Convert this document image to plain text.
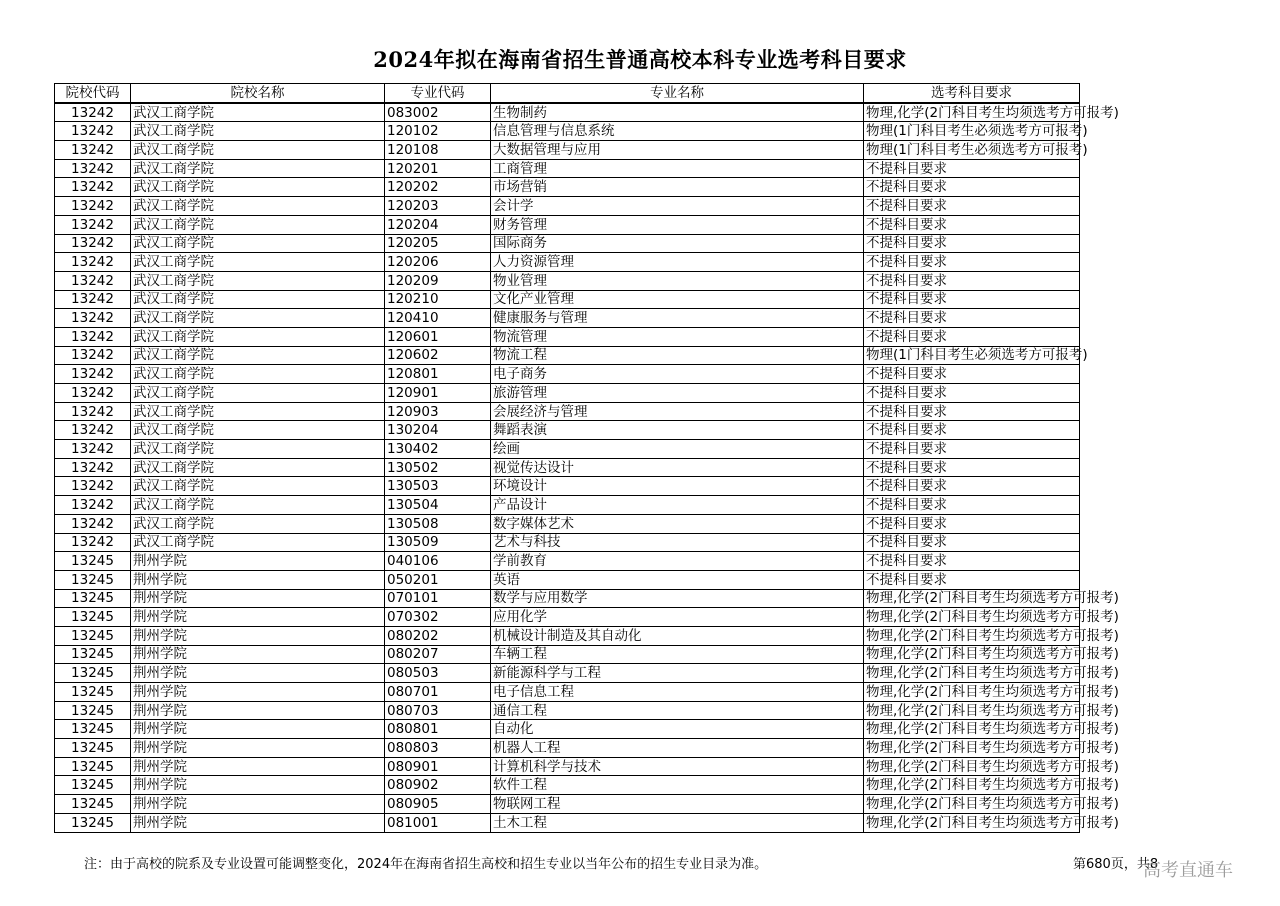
2024年拟在海南省招生普通高校本科专业选考科目要求
院校代码	院校名称	专业代码	专业名称	选考科目要求
13242	武汉工商学院	083002	生物制药	物理,化学(2门科目考生均须选考方可报考)
13242	武汉工商学院	120102	信息管理与信息系统	物理(1门科目考生必须选考方可报考)
13242	武汉工商学院	120108	大数据管理与应用	物理(1门科目考生必须选考方可报考)
13242	武汉工商学院	120201	工商管理	不提科目要求
13242	武汉工商学院	120202	市场营销	不提科目要求
13242	武汉工商学院	120203	会计学	不提科目要求
13242	武汉工商学院	120204	财务管理	不提科目要求
13242	武汉工商学院	120205	国际商务	不提科目要求
13242	武汉工商学院	120206	人力资源管理	不提科目要求
13242	武汉工商学院	120209	物业管理	不提科目要求
13242	武汉工商学院	120210	文化产业管理	不提科目要求
13242	武汉工商学院	120410	健康服务与管理	不提科目要求
13242	武汉工商学院	120601	物流管理	不提科目要求
13242	武汉工商学院	120602	物流工程	物理(1门科目考生必须选考方可报考)
13242	武汉工商学院	120801	电子商务	不提科目要求
13242	武汉工商学院	120901	旅游管理	不提科目要求
13242	武汉工商学院	120903	会展经济与管理	不提科目要求
13242	武汉工商学院	130204	舞蹈表演	不提科目要求
13242	武汉工商学院	130402	绘画	不提科目要求
13242	武汉工商学院	130502	视觉传达设计	不提科目要求
13242	武汉工商学院	130503	环境设计	不提科目要求
13242	武汉工商学院	130504	产品设计	不提科目要求
13242	武汉工商学院	130508	数字媒体艺术	不提科目要求
13242	武汉工商学院	130509	艺术与科技	不提科目要求
13245	荆州学院	040106	学前教育	不提科目要求
13245	荆州学院	050201	英语	不提科目要求
13245	荆州学院	070101	数学与应用数学	物理,化学(2门科目考生均须选考方可报考)
13245	荆州学院	070302	应用化学	物理,化学(2门科目考生均须选考方可报考)
13245	荆州学院	080202	机械设计制造及其自动化	物理,化学(2门科目考生均须选考方可报考)
13245	荆州学院	080207	车辆工程	物理,化学(2门科目考生均须选考方可报考)
13245	荆州学院	080503	新能源科学与工程	物理,化学(2门科目考生均须选考方可报考)
13245	荆州学院	080701	电子信息工程	物理,化学(2门科目考生均须选考方可报考)
13245	荆州学院	080703	通信工程	物理,化学(2门科目考生均须选考方可报考)
13245	荆州学院	080801	自动化	物理,化学(2门科目考生均须选考方可报考)
13245	荆州学院	080803	机器人工程	物理,化学(2门科目考生均须选考方可报考)
13245	荆州学院	080901	计算机科学与技术	物理,化学(2门科目考生均须选考方可报考)
13245	荆州学院	080902	软件工程	物理,化学(2门科目考生均须选考方可报考)
13245	荆州学院	080905	物联网工程	物理,化学(2门科目考生均须选考方可报考)
13245	荆州学院	081001	土木工程	物理,化学(2门科目考生均须选考方可报考)
注：由于高校的院系及专业设置可能调整变化，2024年在海南省招生高校和招生专业以当年公布的招生专业目录为准。	第680页，共8
高考直通车
